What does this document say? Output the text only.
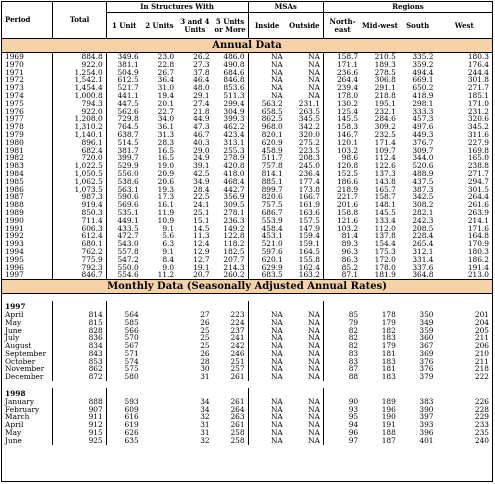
Period	Total	In Structures With				MSAs		Regions			
		1 Unit	2 Units	3 and 4 Units	5 Units or More	Inside	Outside	North-east	Mid-west	South	West
Annual Data											
1969	884.8	349.6	23.0	26.2	486.0	NA	NA	158.7	210.5	335.2	180.3
1970	922.0	381.1	22.8	27.3	490.8	NA	NA	171.1	189.3	359.2	176.4
1971	1,254.0	504.9	26.7	37.8	684.6	NA	NA	236.6	278.5	494.4	244.4
1972	1,542.1	612.5	36.4	46.4	846.8	NA	NA	264.4	306.8	669.1	301.8
1973	1,454.4	521.7	31.0	48.0	853.6	NA	NA	239.4	291.1	650.2	271.7
1974	1,000.8	441.1	19.4	29.1	511.3	NA	NA	178.0	218.8	418.9	185.1
1975	794.3	447.5	20.1	27.4	299.4	563.2	231.1	130.2	195.1	298.1	171.0
1976	922.0	562.6	22.7	21.8	304.9	658.5	263.5	125.4	232.1	333.3	231.2
1977	1,208.0	729.8	34.0	44.9	399.3	862.5	345.5	145.5	284.6	457.3	320.6
1978	1,310.2	764.5	36.1	47.3	462.2	968.0	342.2	158.3	309.2	497.6	345.2
1979	1,140.1	638.7	31.3	46.7	423.4	820.1	320.0	146.7	232.5	449.3	311.6
1980	896.1	514.5	28.3	40.3	313.1	620.9	275.2	120.1	171.4	376.7	227.9
1981	682.4	381.7	16.5	29.0	255.3	458.9	223.5	103.2	109.7	309.7	169.8
1982	720.0	399.7	16.5	24.9	278.9	511.7	208.3	98.6	112.4	344.0	165.0
1983	1,022.5	529.9	19.0	39.1	420.8	757.8	245.0	120.8	122.6	520.6	238.8
1984	1,050.5	556.0	20.9	42.5	418.0	814.1	236.4	152.5	137.3	488.9	271.7
1985	1,062.5	538.6	20.6	34.9	468.4	885.1	177.4	186.6	143.8	437.5	294.7
1986	1,073.5	563.1	19.3	28.4	442.7	899.7	173.8	218.9	165.7	387.3	301.5
1987	987.3	590.6	17.3	22.5	356.9	820.6	166.7	221.7	158.7	342.5	264.4
1988	919.4	569.6	16.1	24.1	309.5	757.5	161.9	201.6	148.1	308.2	261.6
1989	850.3	535.1	11.9	25.1	278.1	686.7	163.6	158.8	145.5	282.1	263.9
1990	711.4	449.1	10.9	15.1	236.3	553.9	157.5	121.6	133.4	242.3	214.1
1991	606.3	433.5	9.1	14.5	149.2	458.4	147.9	103.2	112.0	208.5	171.6
1992	612.4	472.7	5.6	11.3	122.8	453.1	159.4	81.4	137.8	228.4	164.8
1993	680.1	543.0	6.3	12.4	118.2	521.0	159.1	89.3	154.4	265.4	170.9
1994	762.2	557.8	9.1	12.9	182.5	597.6	164.5	96.3	175.3	312.1	180.3
1995	775.9	547.2	8.4	12.7	207.7	620.1	155.8	86.3	172.0	331.4	186.2
1996	792.3	550.0	9.0	19.1	214.3	629.9	162.4	85.2	178.0	337.6	191.4
1997	846.7	554.6	11.2	20.7	260.2	683.5	163.2	87.1	181.9	364.8	213.0
Monthly Data (Seasonally Adjusted Annual Rates)											

1997											
April	814	564		27	223	NA	NA	85	178	350	201
May	815	585		26	224	NA	NA	79	179	349	204
June	828	566		25	237	NA	NA	82	182	359	205
July	836	570		25	241	NA	NA	82	183	360	211
August	834	567		25	242	NA	NA	82	179	367	206
September	843	571		26	246	NA	NA	83	181	369	210
October	853	574		28	251	NA	NA	83	183	376	211
November	862	575		30	257	NA	NA	87	181	376	218
December	872	580		31	261	NA	NA	88	183	379	222

1998											
January	888	593		34	261	NA	NA	90	189	383	226
February	907	609		34	264	NA	NA	93	196	390	228
March	911	616		32	263	NA	NA	95	190	397	229
April	912	619		31	261	NA	NA	94	191	393	233
May	915	626		31	258	NA	NA	96	188	396	235
June	925	635		32	258	NA	NA	97	187	401	240
